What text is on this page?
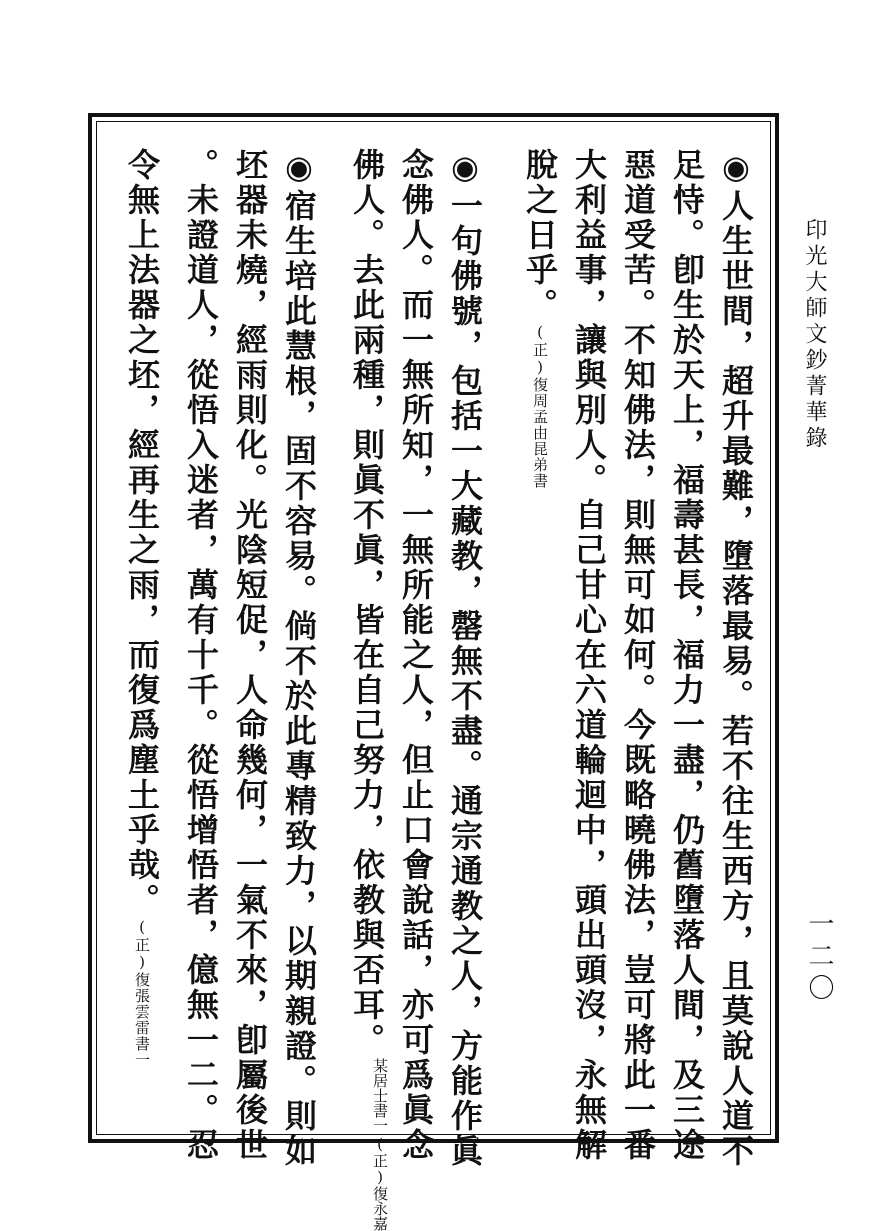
印光大師文鈔菁華錄
一二〇
◉人生世間，超升最難，墮落最易。若不往生西方，且莫說人道不
足恃。卽生於天上，福壽甚長，福力一盡，仍舊墮落人間，及三途
惡道受苦。不知佛法，則無可如何。今既略曉佛法，豈可將此一番
大利益事，讓與別人。自己甘心在六道輪迴中，頭出頭沒，永無解
脫之日乎。(正)復周孟由昆弟書
◉一句佛號，包括一大藏教，罄無不盡。通宗通教之人，方能作眞
念佛人。而一無所知，一無所能之人，但止口會說話，亦可爲眞念
佛人。去此兩種，則眞不眞，皆在自己努力，依教與否耳。
(正)復永嘉
某居士書一
◉宿生培此慧根，固不容易。倘不於此專精致力，以期親證。則如
坯器未燒，經雨則化。光陰短促，人命幾何，一氣不來，卽屬後世
。未證道人，從悟入迷者，萬有十千。從悟增悟者，億無一二。忍
令無上法器之坯，經再生之雨，而復爲塵土乎哉。(正)復張雲雷書一
